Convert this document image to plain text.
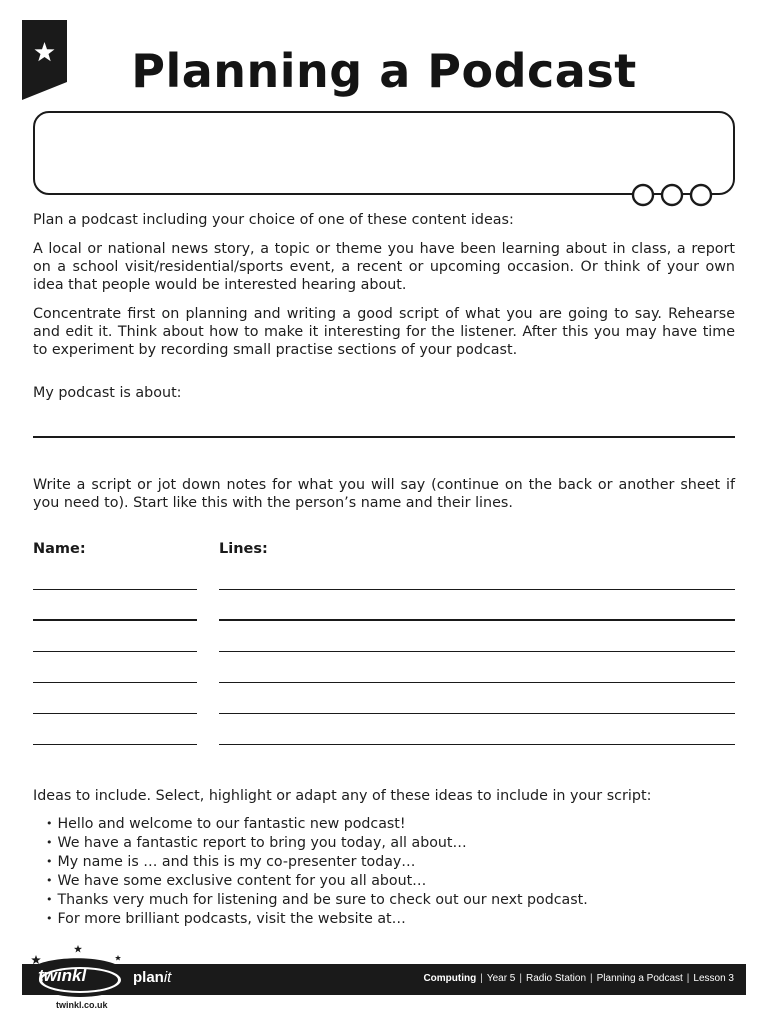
Planning a Podcast
Plan a podcast including your choice of one of these content ideas:
A local or national news story, a topic or theme you have been learning about in class, a report on a school visit/residential/sports event, a recent or upcoming occasion. Or think of your own idea that people would be interested hearing about.
Concentrate first on planning and writing a good script of what you are going to say. Rehearse and edit it. Think about how to make it interesting for the listener. After this you may have time to experiment by recording small practise sections of your podcast.
My podcast is about:
Write a script or jot down notes for what you will say (continue on the back or another sheet if you need to). Start like this with the person’s name and their lines.
Name:	Lines:
Ideas to include. Select, highlight or adapt any of these ideas to include in your script:
• Hello and welcome to our fantastic new podcast!
• We have a fantastic report to bring you today, all about…
• My name is … and this is my co-presenter today…
• We have some exclusive content for you all about…
• Thanks very much for listening and be sure to check out our next podcast.
• For more brilliant podcasts, visit the website at…
twinkl
twinkl.co.uk
planit	Computing | Year 5 | Radio Station | Planning a Podcast | Lesson 3
